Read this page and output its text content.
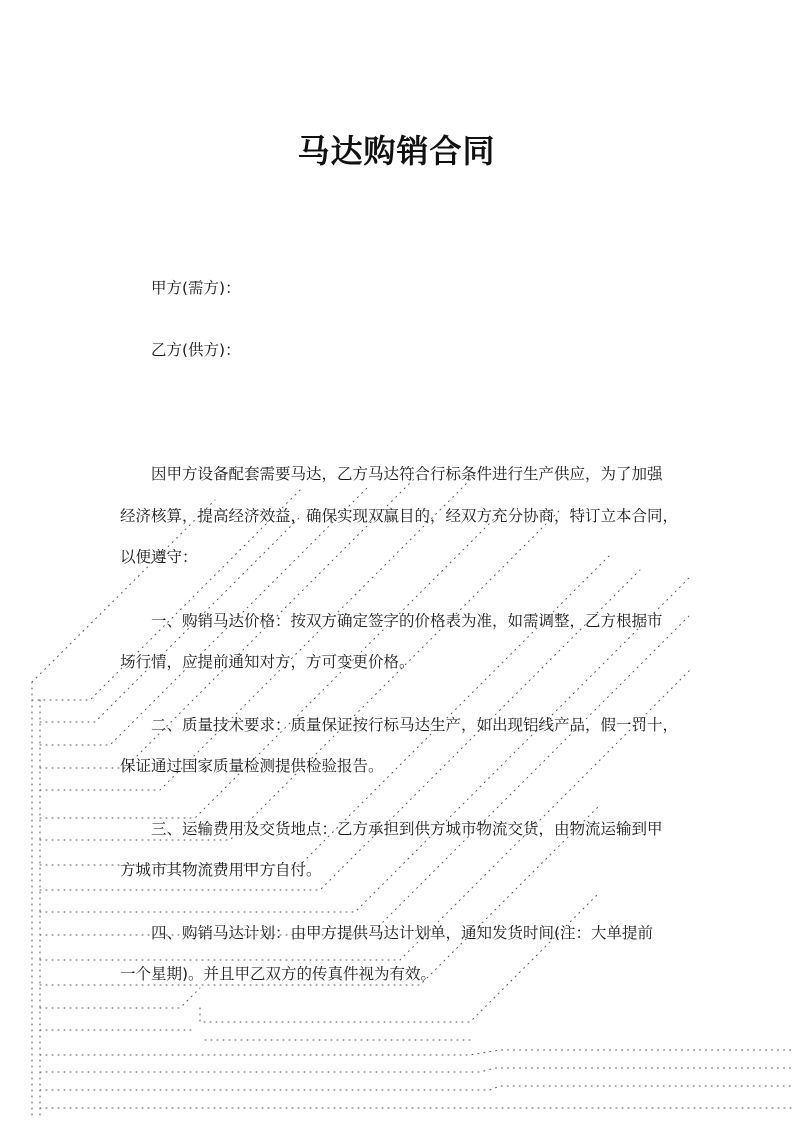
马达购销合同
甲方(需方)：
乙方(供方)：
因甲方设备配套需要马达，乙方马达符合行标条件进行生产供应，为了加强
经济核算，提高经济效益，确保实现双赢目的，经双方充分协商，特订立本合同，
以便遵守：
一、购销马达价格：按双方确定签字的价格表为准，如需调整，乙方根据市
场行情，应提前通知对方，方可变更价格。
二、质量技术要求：质量保证按行标马达生产，如出现铝线产品，假一罚十，
保证通过国家质量检测提供检验报告。
三、运输费用及交货地点：乙方承担到供方城市物流交货，由物流运输到甲
方城市其物流费用甲方自付。
四、购销马达计划：由甲方提供马达计划单，通知发货时间(注：大单提前
一个星期)。并且甲乙双方的传真件视为有效。
